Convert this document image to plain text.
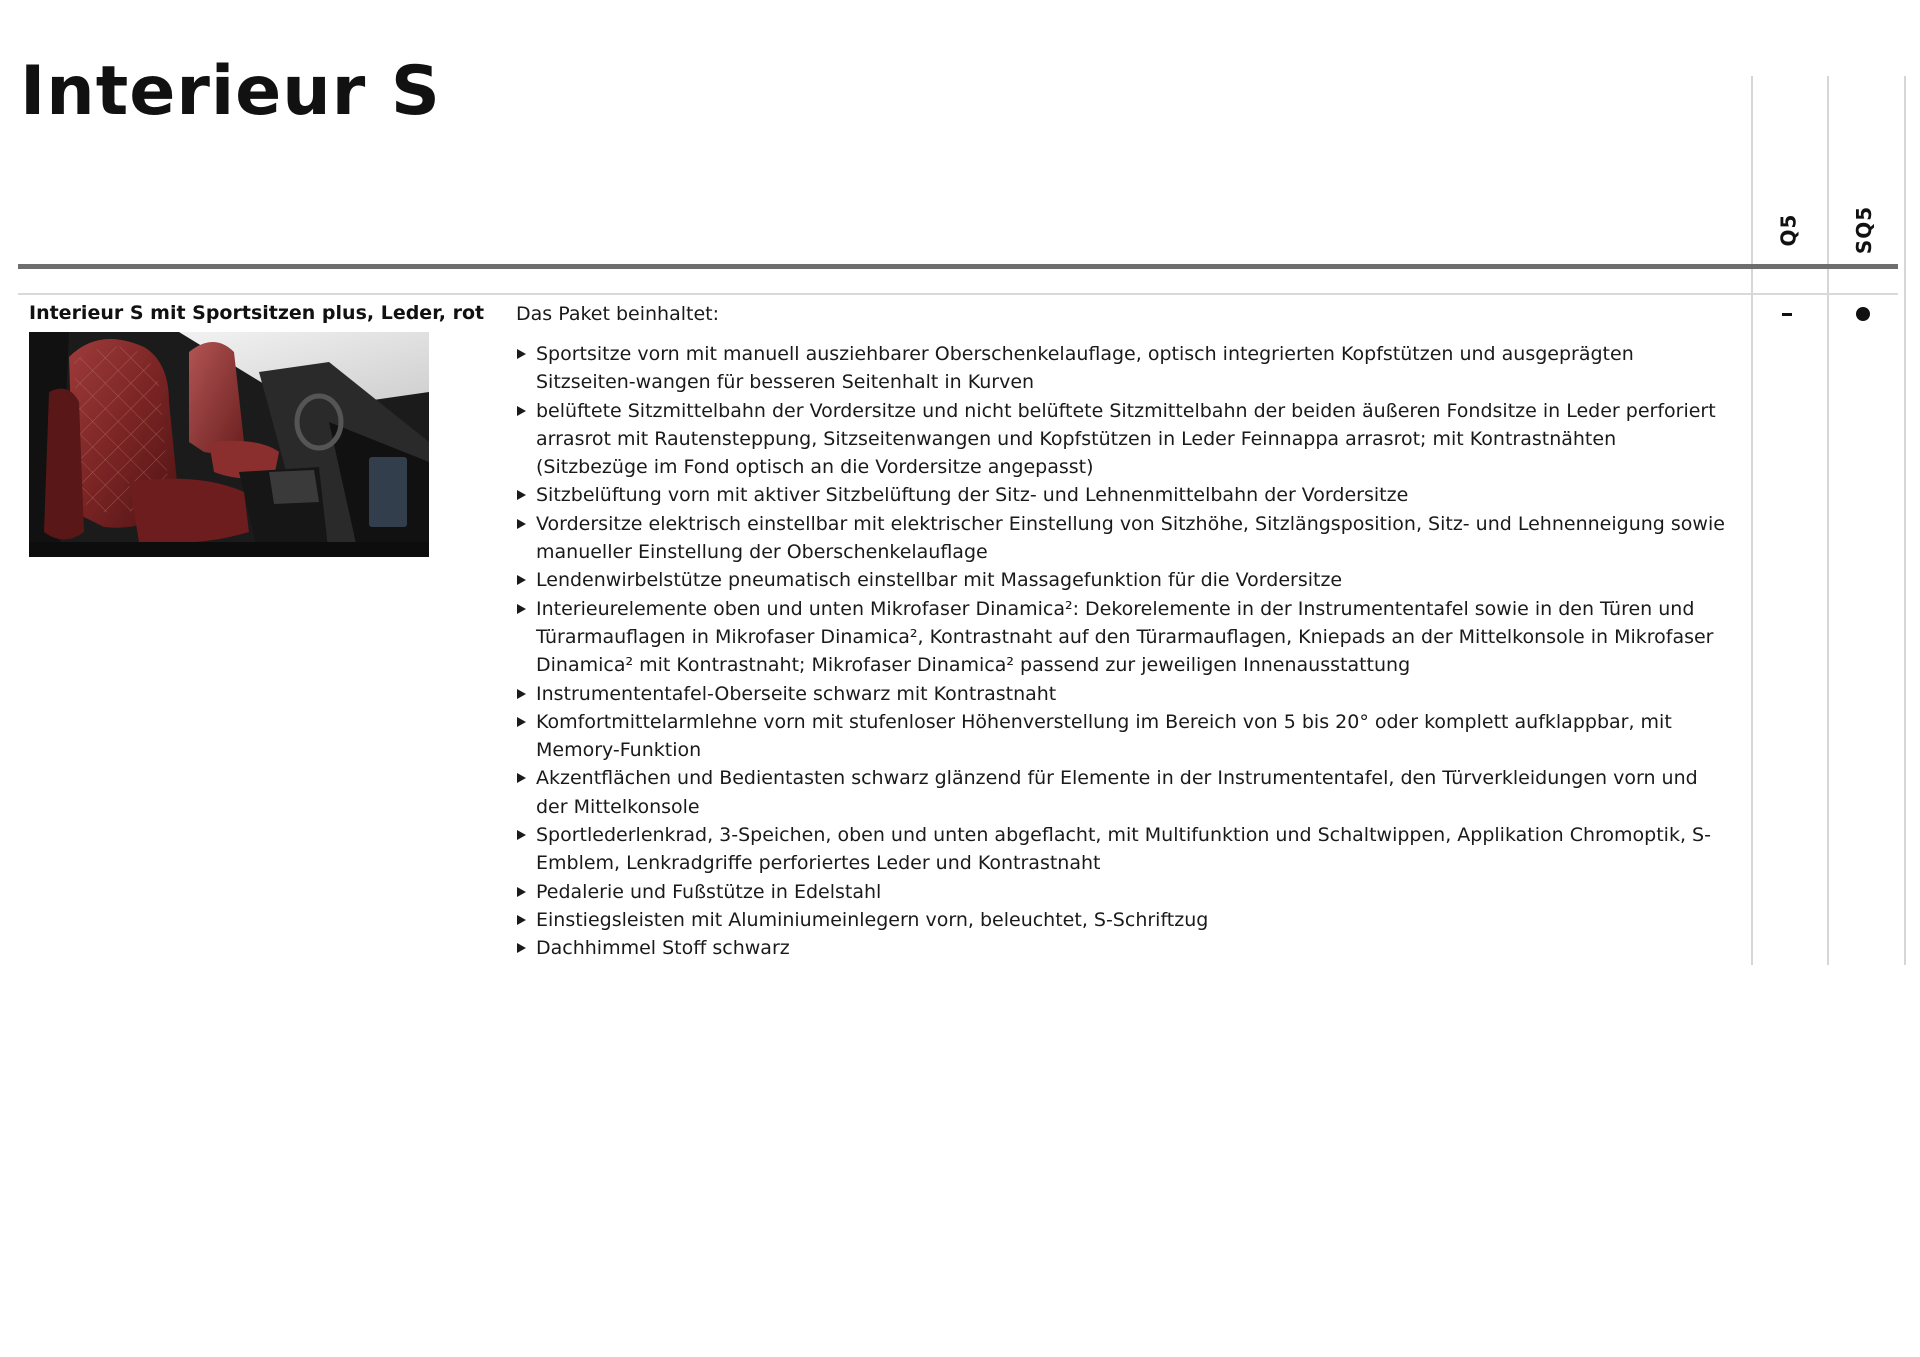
Interieur S
Q5	SQ5
Interieur S mit Sportsitzen plus, Leder, rot Das Paket beinhaltet:

Sportsitze vorn mit manuell ausziehbarer Oberschenkelauflage, optisch integrierten Kopfstützen und ausgeprägten Sitzseiten-wangen für besseren Seitenhalt in Kurven
belüftete Sitzmittelbahn der Vordersitze und nicht belüftete Sitzmittelbahn der beiden äußeren Fondsitze in Leder perforiert arrasrot mit Rautensteppung, Sitzseitenwangen und Kopfstützen in Leder Feinnappa arrasrot; mit Kontrastnähten (Sitzbezüge im Fond optisch an die Vordersitze angepasst)
Sitzbelüftung vorn mit aktiver Sitzbelüftung der Sitz- und Lehnenmittelbahn der Vordersitze
Vordersitze elektrisch einstellbar mit elektrischer Einstellung von Sitzhöhe, Sitzlängsposition, Sitz- und Lehnenneigung sowie manueller Einstellung der Oberschenkelauflage
Lendenwirbelstütze pneumatisch einstellbar mit Massagefunktion für die Vordersitze
Interieurelemente oben und unten Mikrofaser Dinamica²: Dekorelemente in der Instrumententafel sowie in den Türen und Türarmauflagen in Mikrofaser Dinamica², Kontrastnaht auf den Türarmauflagen, Kniepads an der Mittelkonsole in Mikrofaser Dinamica² mit Kontrastnaht; Mikrofaser Dinamica² passend zur jeweiligen Innenausstattung
Instrumententafel-Oberseite schwarz mit Kontrastnaht
Komfortmittelarmlehne vorn mit stufenloser Höhenverstellung im Bereich von 5 bis 20° oder komplett aufklappbar, mit Memory-Funktion
Akzentflächen und Bedientasten schwarz glänzend für Elemente in der Instrumententafel, den Türverkleidungen vorn und der Mittelkonsole
Sportlederlenkrad, 3-Speichen, oben und unten abgeflacht, mit Multifunktion und Schaltwippen, Applikation Chromoptik, S-Emblem, Lenkradgriffe perforiertes Leder und Kontrastnaht
Pedalerie und Fußstütze in Edelstahl
Einstiegsleisten mit Aluminiumeinlegern vorn, beleuchtet, S-Schriftzug
Dachhimmel Stoff schwarz
